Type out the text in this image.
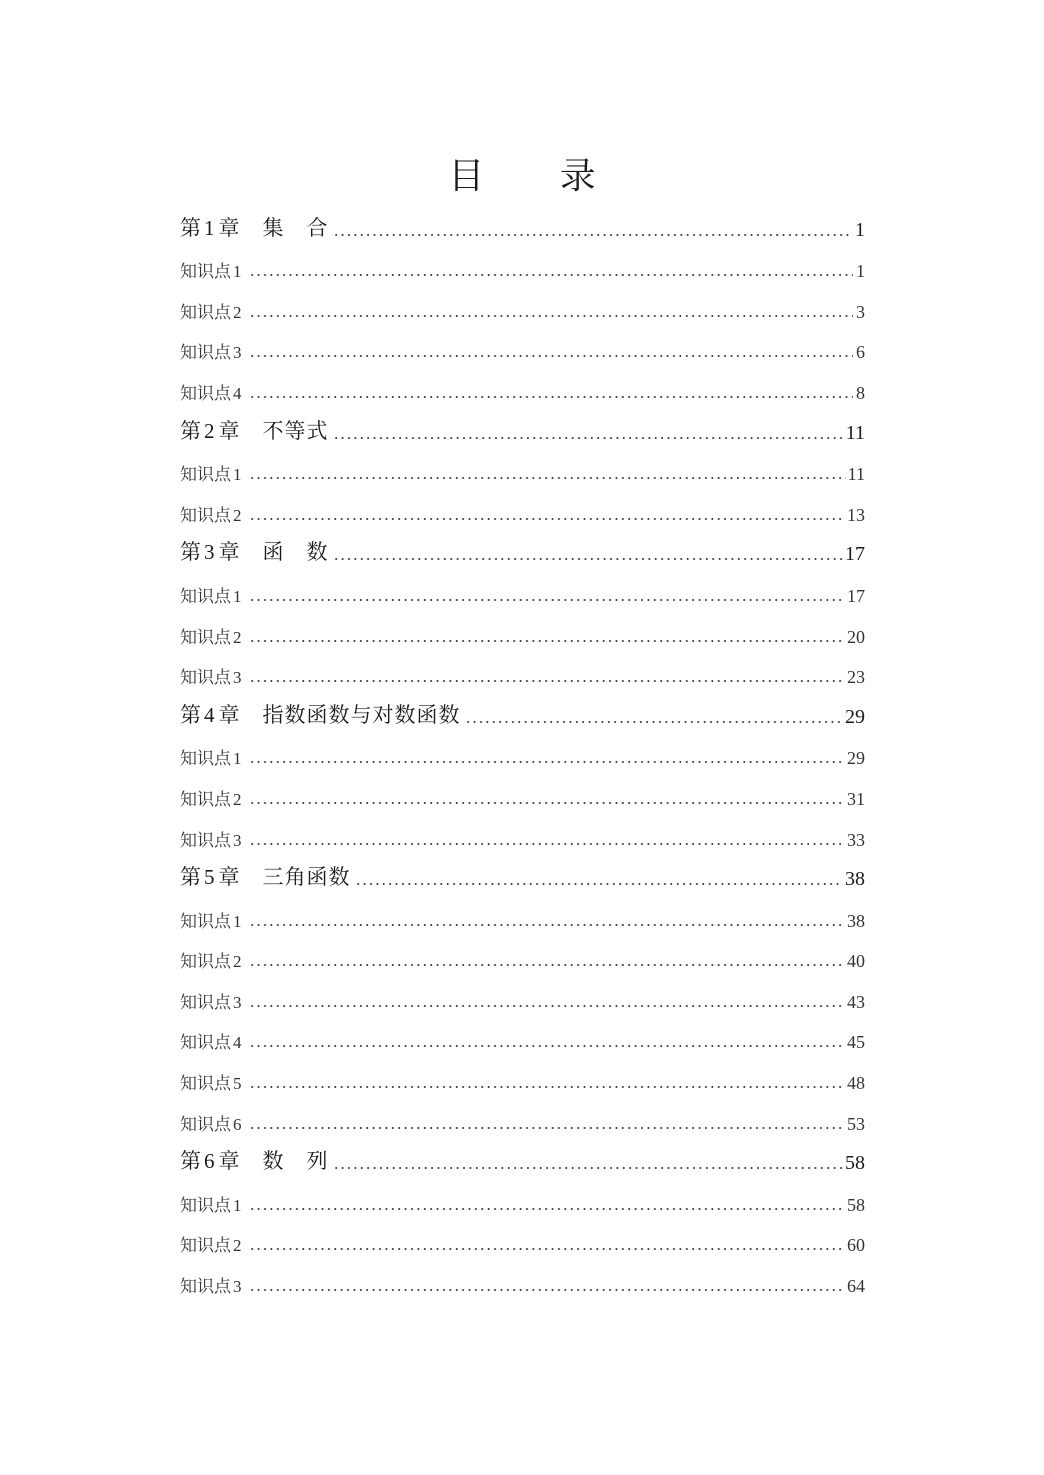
目 录
第1 章 集　合	1
知识点 1	1
知识点 2	3
知识点 3	6
知识点 4	8
第2 章 不等式	11
知识点 1	11
知识点 2	13
第3 章 函　数	17
知识点 1	17
知识点 2	20
知识点 3	23
第4 章 指数函数与对数函数	29
知识点 1	29
知识点 2	31
知识点 3	33
第5 章 三角函数	38
知识点 1	38
知识点 2	40
知识点 3	43
知识点 4	45
知识点 5	48
知识点 6	53
第6 章 数　列	58
知识点 1	58
知识点 2	60
知识点 3	64
